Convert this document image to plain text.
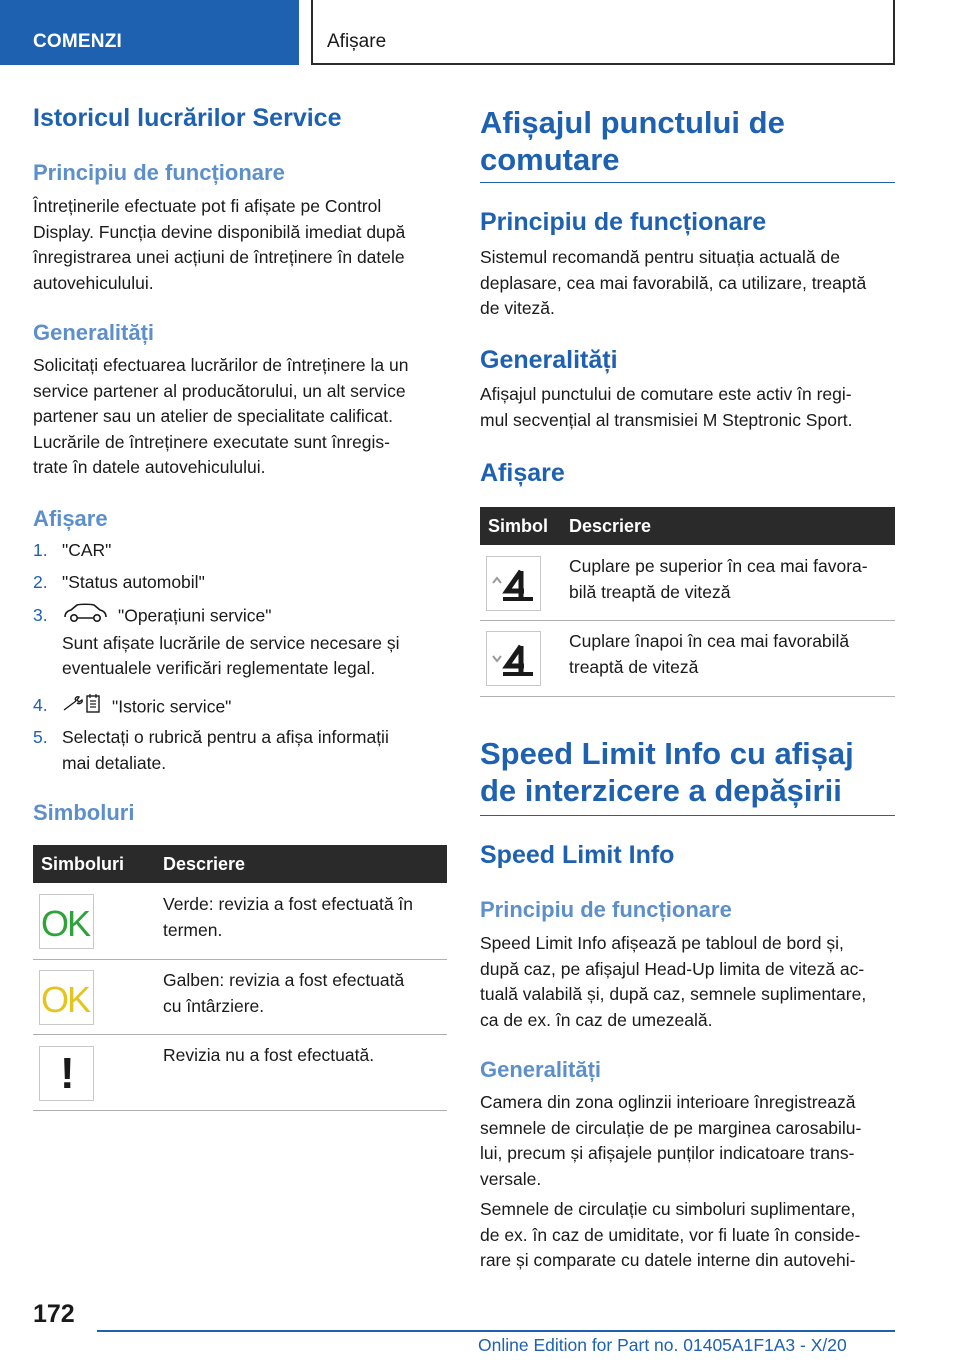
COMENZI	Afișare
Istoricul lucrărilor Service
Principiu de funcționare
Întreținerile efectuate pot fi afișate pe Control
Display. Funcția devine disponibilă imediat după
înregistrarea unei acțiuni de întreținere în datele
autovehiculului.
Generalități
Solicitați efectuarea lucrărilor de întreținere la un
service partener al producătorului, un alt service
partener sau un atelier de specialitate calificat.
Lucrările de întreținere executate sunt înregis-
trate în datele autovehiculului.
Afișare
1. "CAR"
2. "Status automobil"
3.	"Operațiuni service"
Sunt afișate lucrările de service necesare și
eventualele verificări reglementate legal.
4.	"Istoric service"
5. Selectați o rubrică pentru a afișa informații
mai detaliate.
Simboluri
Simboluri Descriere
OK	Verde: revizia a fost efectuată în
termen.
OK	Galben: revizia a fost efectuată
cu întârziere.
!	Revizia nu a fost efectuată.
Afișajul punctului de
comutare
Principiu de funcționare
Sistemul recomandă pentru situația actuală de
deplasare, cea mai favorabilă, ca utilizare, treaptă
de viteză.
Generalități
Afișajul punctului de comutare este activ în regi-
mul secvențial al transmisiei M Steptronic Sport.
Afișare
Simbol Descriere
Cuplare pe superior în cea mai favora-
bilă treaptă de viteză
Cuplare înapoi în cea mai favorabilă
treaptă de viteză
Speed Limit Info cu afișaj
de interzicere a depășirii
Speed Limit Info
Principiu de funcționare
Speed Limit Info afișează pe tabloul de bord și,
după caz, pe afișajul Head-Up limita de viteză ac-
tuală valabilă și, după caz, semnele suplimentare,
ca de ex. în caz de umezeală.
Generalități
Camera din zona oglinzii interioare înregistrează
semnele de circulație de pe marginea carosabilu-
lui, precum și afișajele punților indicatoare trans-
versale.
Semnele de circulație cu simboluri suplimentare,
de ex. în caz de umiditate, vor fi luate în conside-
rare și comparate cu datele interne din autovehi-
172
Online Edition for Part no. 01405A1F1A3 - X/20
